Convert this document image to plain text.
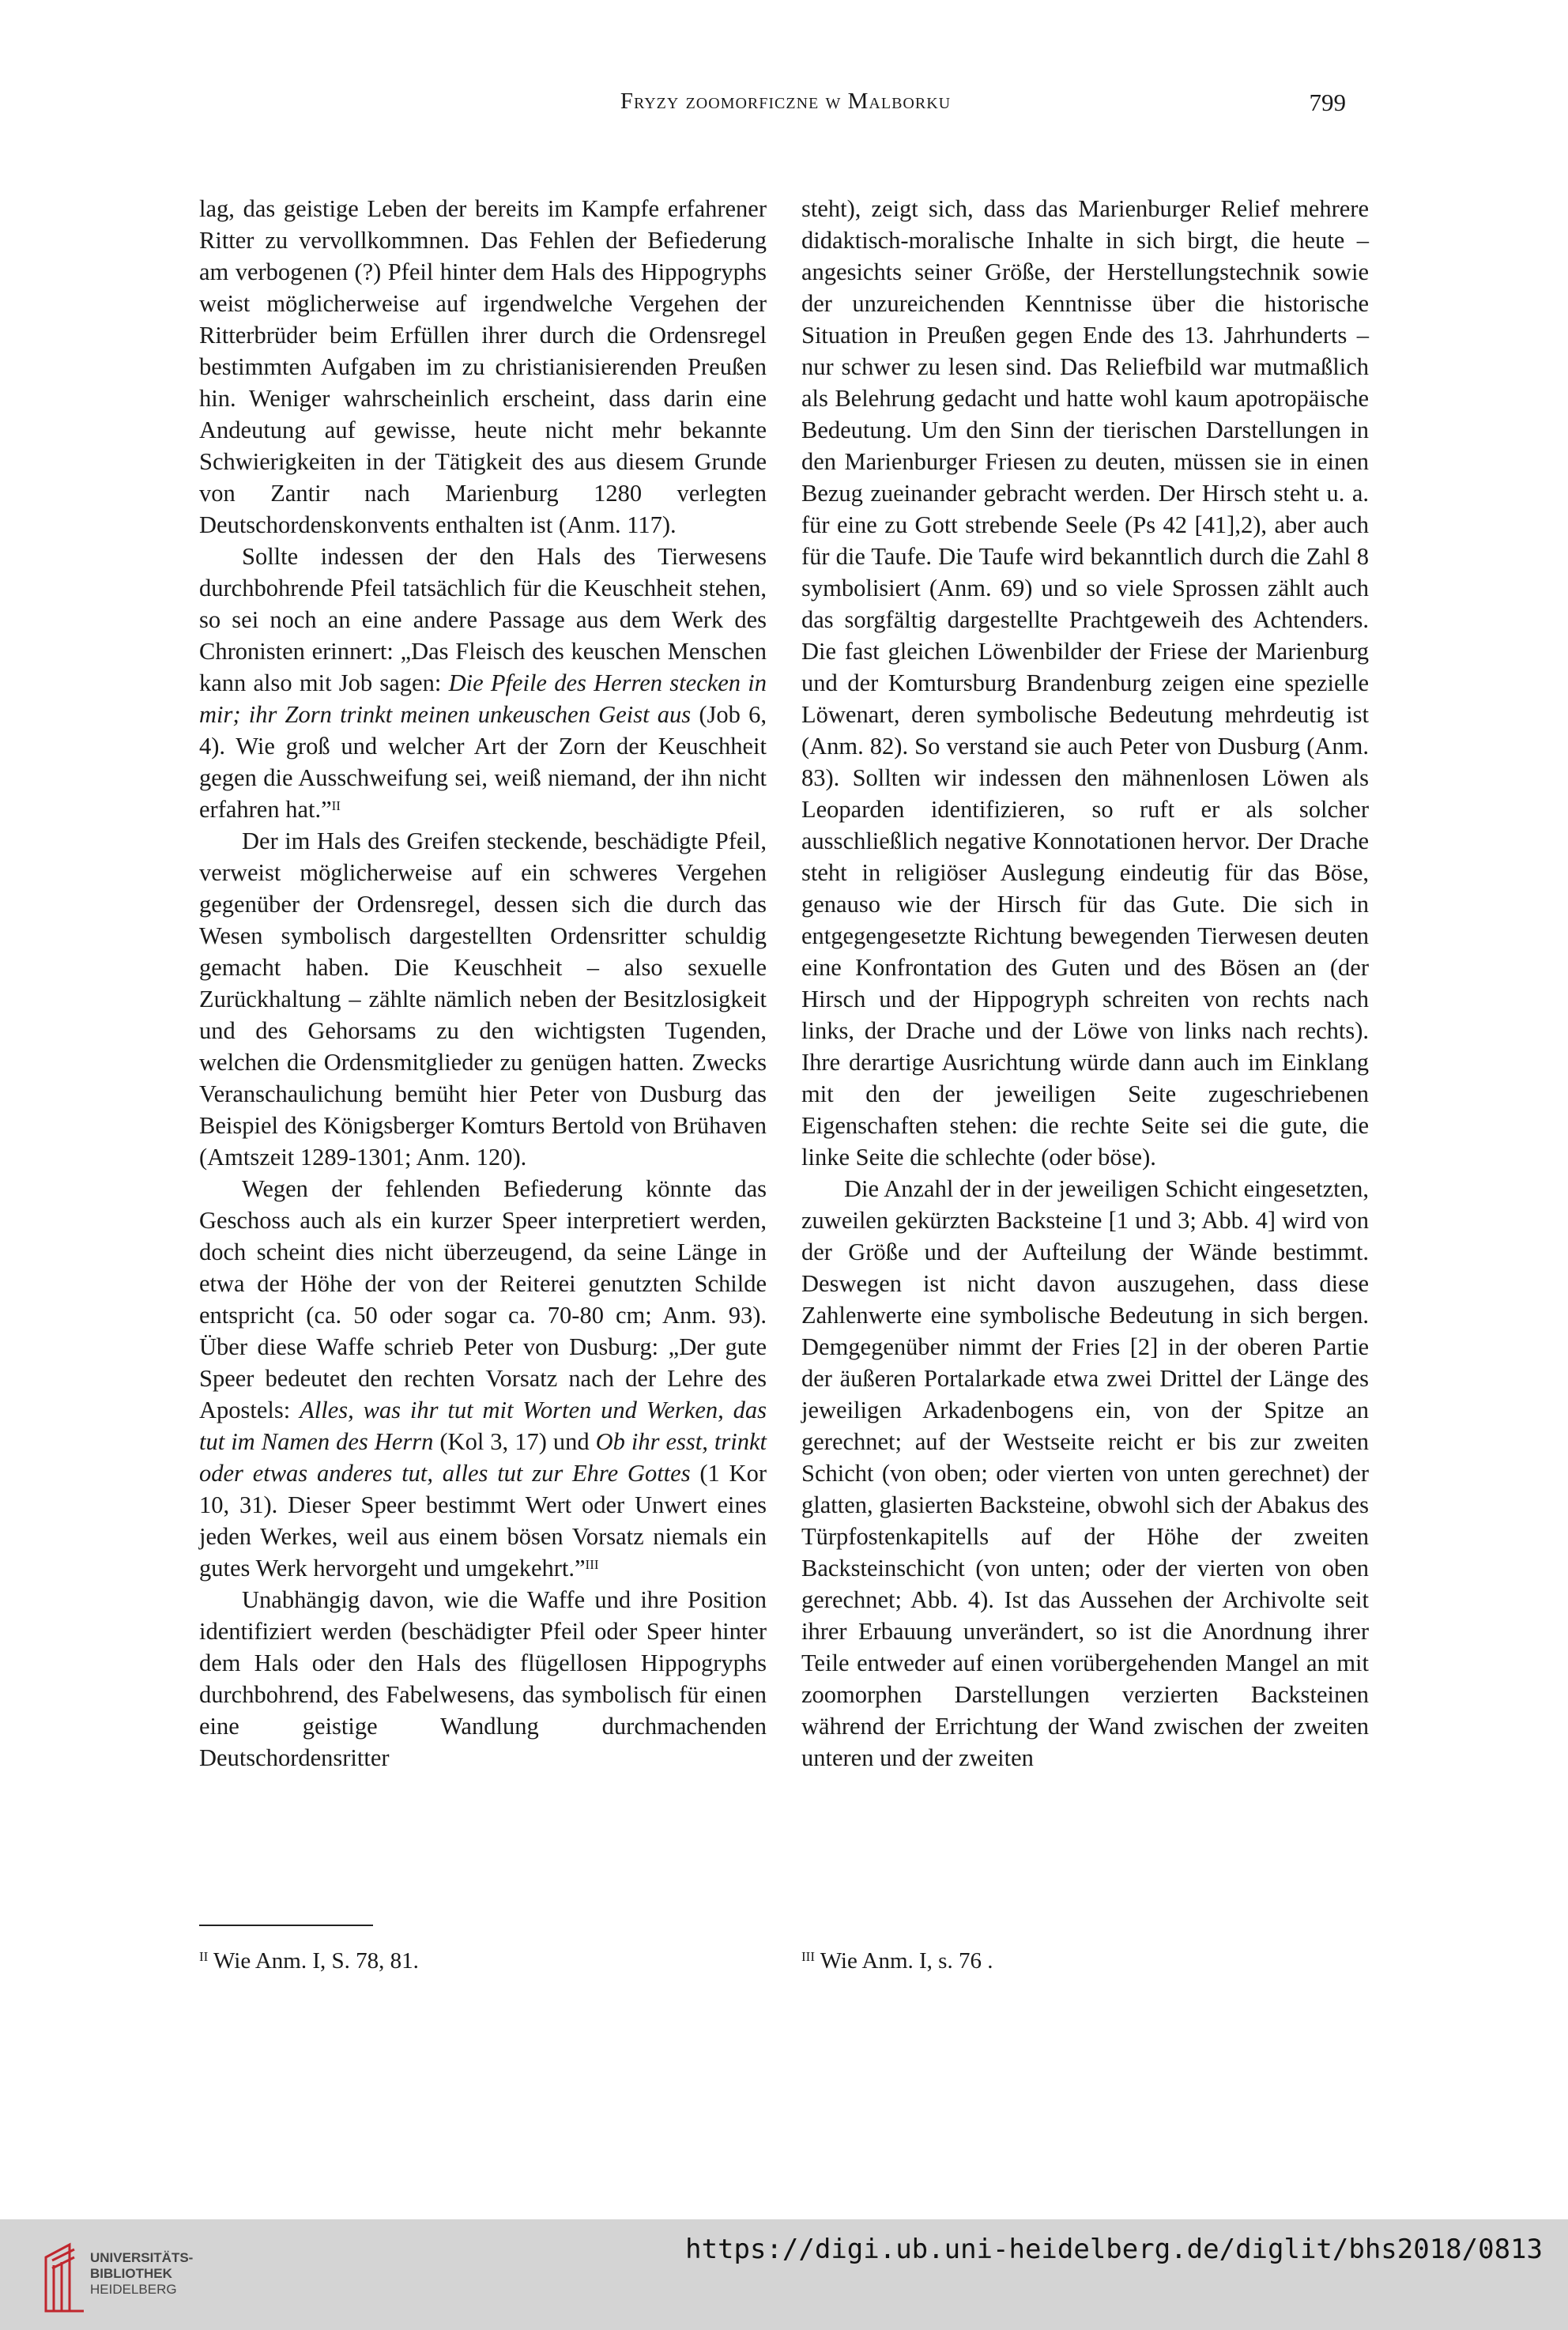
Fryzy zoomorficzne w Malborku	799

lag, das geistige Leben der bereits im Kampfe erfahrener Ritter zu vervollkommnen. Das Fehlen der Befiederung am verbogenen (?) Pfeil hinter dem Hals des Hippogryphs weist möglicherweise auf irgendwelche Vergehen der Ritterbrüder beim Erfüllen ihrer durch die Ordensregel bestimmten Aufgaben im zu christianisierenden Preußen hin. Weniger wahrscheinlich erscheint, dass darin eine Andeutung auf gewisse, heute nicht mehr bekannte Schwierigkeiten in der Tätigkeit des aus diesem Grunde von Zantir nach Marienburg 1280 verlegten Deutschordenskonvents enthalten ist (Anm. 117).

Sollte indessen der den Hals des Tierwesens durchbohrende Pfeil tatsächlich für die Keuschheit stehen, so sei noch an eine andere Passage aus dem Werk des Chronisten erinnert: „Das Fleisch des keuschen Menschen kann also mit Job sagen: Die Pfeile des Herren stecken in mir; ihr Zorn trinkt meinen unkeuschen Geist aus (Job 6, 4). Wie groß und welcher Art der Zorn der Keuschheit gegen die Ausschweifung sei, weiß niemand, der ihn nicht erfahren hat.”$^{II}$

Der im Hals des Greifen steckende, beschädigte Pfeil, verweist möglicherweise auf ein schweres Vergehen gegenüber der Ordensregel, dessen sich die durch das Wesen symbolisch dargestellten Ordensritter schuldig gemacht haben. Die Keuschheit – also sexuelle Zurückhaltung – zählte nämlich neben der Besitzlosigkeit und des Gehorsams zu den wichtigsten Tugenden, welchen die Ordensmitglieder zu genügen hatten. Zwecks Veranschaulichung bemüht hier Peter von Dusburg das Beispiel des Königsberger Komturs Bertold von Brühaven (Amtszeit 1289-1301; Anm. 120).

Wegen der fehlenden Befiederung könnte das Geschoss auch als ein kurzer Speer interpretiert werden, doch scheint dies nicht überzeugend, da seine Länge in etwa der Höhe der von der Reiterei genutzten Schilde entspricht (ca. 50 oder sogar ca. 70-80 cm; Anm. 93). Über diese Waffe schrieb Peter von Dusburg: „Der gute Speer bedeutet den rechten Vorsatz nach der Lehre des Apostels: Alles, was ihr tut mit Worten und Werken, das tut im Namen des Herrn (Kol 3, 17) und Ob ihr esst, trinkt oder etwas anderes tut, alles tut zur Ehre Gottes (1 Kor 10, 31). Dieser Speer bestimmt Wert oder Unwert eines jeden Werkes, weil aus einem bösen Vorsatz niemals ein gutes Werk hervorgeht und umgekehrt.”$^{III}$

Unabhängig davon, wie die Waffe und ihre Position identifiziert werden (beschädigter Pfeil oder Speer hinter dem Hals oder den Hals des flügellosen Hippogryphs durchbohrend, des Fabelwesens, das symbolisch für einen eine geistige Wandlung durchmachenden Deutschordensritter

steht), zeigt sich, dass das Marienburger Relief mehrere didaktisch-moralische Inhalte in sich birgt, die heute – angesichts seiner Größe, der Herstellungstechnik sowie der unzureichenden Kenntnisse über die historische Situation in Preußen gegen Ende des 13. Jahrhunderts – nur schwer zu lesen sind. Das Reliefbild war mutmaßlich als Belehrung gedacht und hatte wohl kaum apotropäische Bedeutung. Um den Sinn der tierischen Darstellungen in den Marienburger Friesen zu deuten, müssen sie in einen Bezug zueinander gebracht werden. Der Hirsch steht u. a. für eine zu Gott strebende Seele (Ps 42 [41],2), aber auch für die Taufe. Die Taufe wird bekanntlich durch die Zahl 8 symbolisiert (Anm. 69) und so viele Sprossen zählt auch das sorgfältig dargestellte Prachtgeweih des Achtenders. Die fast gleichen Löwenbilder der Friese der Marienburg und der Komtursburg Brandenburg zeigen eine spezielle Löwenart, deren symbolische Bedeutung mehrdeutig ist (Anm. 82). So verstand sie auch Peter von Dusburg (Anm. 83). Sollten wir indessen den mähnenlosen Löwen als Leoparden identifizieren, so ruft er als solcher ausschließlich negative Konnotationen hervor. Der Drache steht in religiöser Auslegung eindeutig für das Böse, genauso wie der Hirsch für das Gute. Die sich in entgegengesetzte Richtung bewegenden Tierwesen deuten eine Konfrontation des Guten und des Bösen an (der Hirsch und der Hippogryph schreiten von rechts nach links, der Drache und der Löwe von links nach rechts). Ihre derartige Ausrichtung würde dann auch im Einklang mit den der jeweiligen Seite zugeschriebenen Eigenschaften stehen: die rechte Seite sei die gute, die linke Seite die schlechte (oder böse).

Die Anzahl der in der jeweiligen Schicht eingesetzten, zuweilen gekürzten Backsteine [1 und 3; Abb. 4] wird von der Größe und der Aufteilung der Wände bestimmt. Deswegen ist nicht davon auszugehen, dass diese Zahlenwerte eine symbolische Bedeutung in sich bergen. Demgegenüber nimmt der Fries [2] in der oberen Partie der äußeren Portalarkade etwa zwei Drittel der Länge des jeweiligen Arkadenbogens ein, von der Spitze an gerechnet; auf der Westseite reicht er bis zur zweiten Schicht (von oben; oder vierten von unten gerechnet) der glatten, glasierten Backsteine, obwohl sich der Abakus des Türpfostenkapitells auf der Höhe der zweiten Backsteinschicht (von unten; oder der vierten von oben gerechnet; Abb. 4). Ist das Aussehen der Archivolte seit ihrer Erbauung unverändert, so ist die Anordnung ihrer Teile entweder auf einen vorübergehenden Mangel an mit zoomorphen Darstellungen verzierten Backsteinen während der Errichtung der Wand zwischen der zweiten unteren und der zweiten

$^{II}$ Wie Anm. I, S. 78, 81.	$^{III}$ Wie Anm. I, s. 76 .
UNIVERSITÄTS-
BIBLIOTHEK
HEIDELBERG
https://digi.ub.uni-heidelberg.de/diglit/bhs2018/0813
